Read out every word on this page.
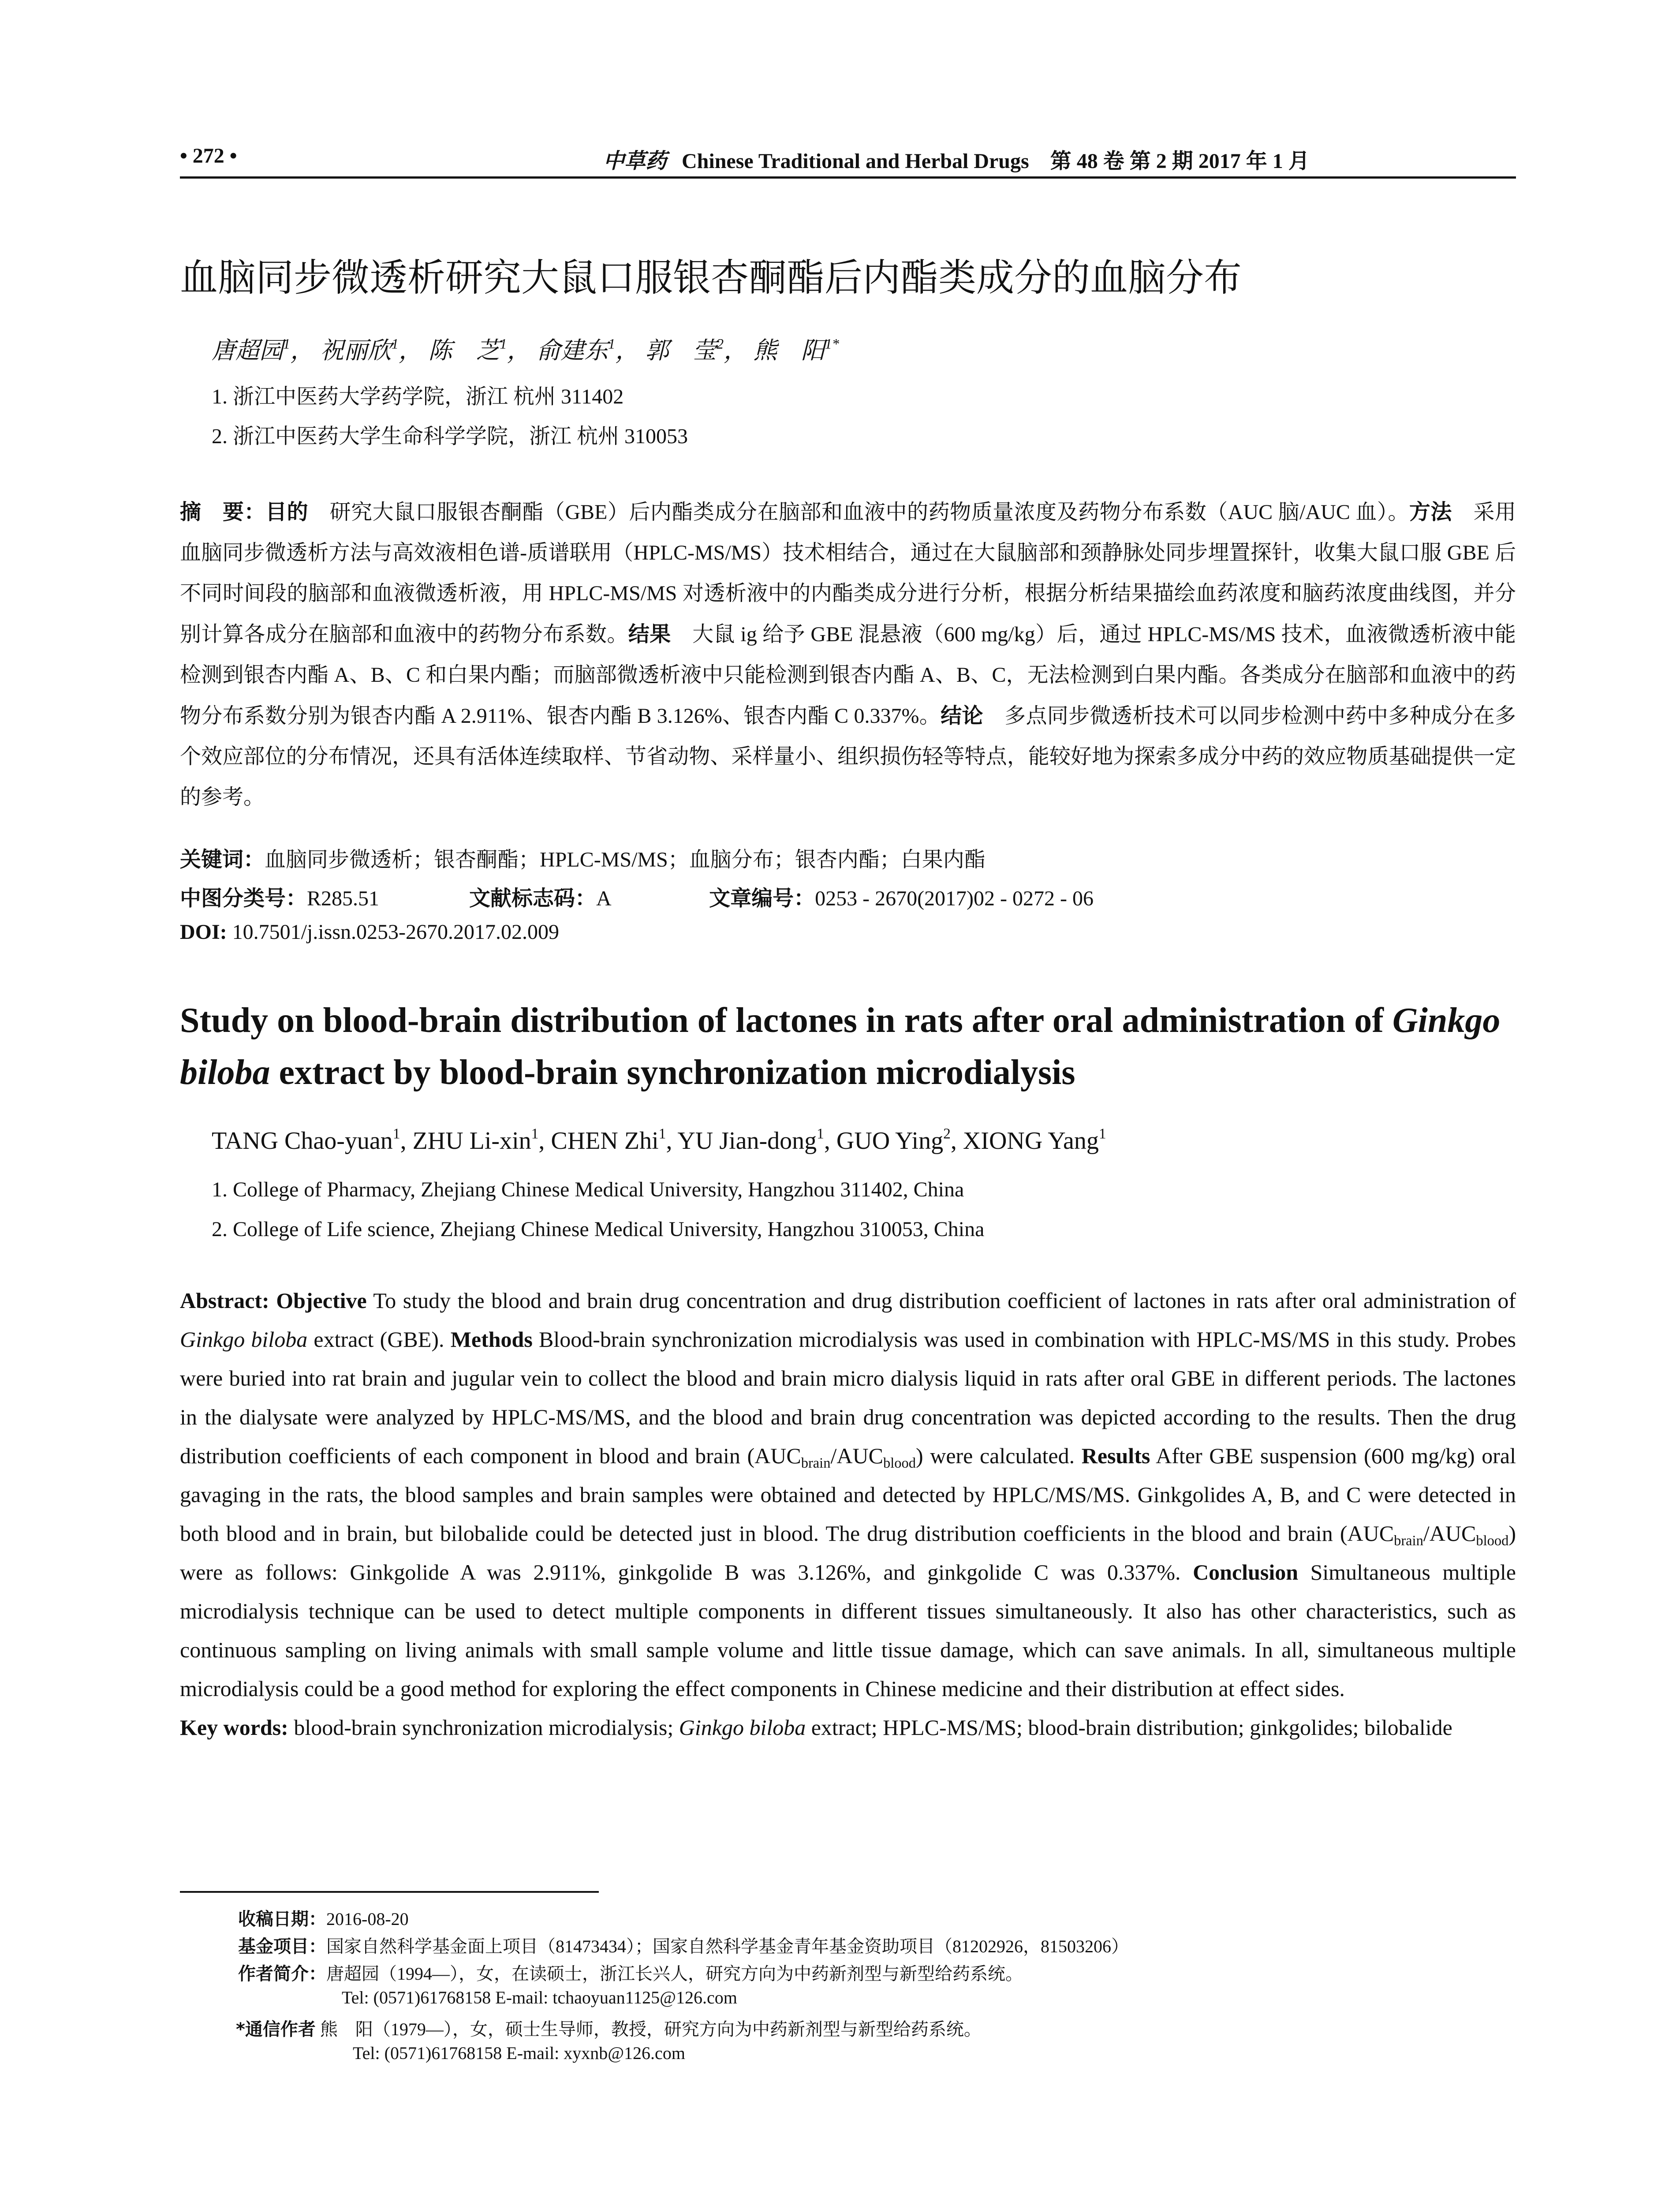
• 272 •	中草药 Chinese Traditional and Herbal Drugs 第 48 卷 第 2 期 2017 年 1 月
血脑同步微透析研究大鼠口服银杏酮酯后内酯类成分的血脑分布
唐超园$^1$， 祝丽欣$^1$， 陈　芝$^1$， 俞建东$^1$， 郭　莹$^2$， 熊　阳$^{1*}$
1. 浙江中医药大学药学院，浙江 杭州 311402
2. 浙江中医药大学生命科学学院，浙江 杭州 310053
摘　要：目的　研究大鼠口服银杏酮酯（GBE）后内酯类成分在脑部和血液中的药物质量浓度及药物分布系数（AUC 脑/AUC 血）。方法　采用血脑同步微透析方法与高效液相色谱-质谱联用（HPLC-MS/MS）技术相结合，通过在大鼠脑部和颈静脉处同步埋置探针，收集大鼠口服 GBE 后不同时间段的脑部和血液微透析液，用 HPLC-MS/MS 对透析液中的内酯类成分进行分析，根据分析结果描绘血药浓度和脑药浓度曲线图，并分别计算各成分在脑部和血液中的药物分布系数。结果　大鼠 ig 给予 GBE 混悬液（600 mg/kg）后，通过 HPLC-MS/MS 技术，血液微透析液中能检测到银杏内酯 A、B、C 和白果内酯；而脑部微透析液中只能检测到银杏内酯 A、B、C，无法检测到白果内酯。各类成分在脑部和血液中的药物分布系数分别为银杏内酯 A 2.911%、银杏内酯 B 3.126%、银杏内酯 C 0.337%。结论　多点同步微透析技术可以同步检测中药中多种成分在多个效应部位的分布情况，还具有活体连续取样、节省动物、采样量小、组织损伤轻等特点，能较好地为探索多成分中药的效应物质基础提供一定的参考。
关键词：血脑同步微透析；银杏酮酯；HPLC-MS/MS；血脑分布；银杏内酯；白果内酯
中图分类号：R285.51	文献标志码：A	文章编号：0253 - 2670(2017)02 - 0272 - 06
DOI: 10.7501/j.issn.0253-2670.2017.02.009
Study on blood-brain distribution of lactones in rats after oral administration of Ginkgo biloba extract by blood-brain synchronization microdialysis
TANG Chao-yuan$^1$, ZHU Li-xin$^1$, CHEN Zhi$^1$, YU Jian-dong$^1$, GUO Ying$^2$, XIONG Yang$^1$
1. College of Pharmacy, Zhejiang Chinese Medical University, Hangzhou 311402, China
2. College of Life science, Zhejiang Chinese Medical University, Hangzhou 310053, China
Abstract: Objective To study the blood and brain drug concentration and drug distribution coefficient of lactones in rats after oral administration of Ginkgo biloba extract (GBE). Methods Blood-brain synchronization microdialysis was used in combination with HPLC-MS/MS in this study. Probes were buried into rat brain and jugular vein to collect the blood and brain micro dialysis liquid in rats after oral GBE in different periods. The lactones in the dialysate were analyzed by HPLC-MS/MS, and the blood and brain drug concentration was depicted according to the results. Then the drug distribution coefficients of each component in blood and brain $(AUC_{brain}/AUC_{blood})$ were calculated. Results After GBE suspension (600 mg/kg) oral gavaging in the rats, the blood samples and brain samples were obtained and detected by HPLC/MS/MS. Ginkgolides A, B, and C were detected in both blood and in brain, but bilobalide could be detected just in blood. The drug distribution coefficients in the blood and brain $(AUC_{brain}/AUC_{blood})$ were as follows: Ginkgolide A was 2.911%, ginkgolide B was 3.126%, and ginkgolide C was 0.337%. Conclusion Simultaneous multiple microdialysis technique can be used to detect multiple components in different tissues simultaneously. It also has other characteristics, such as continuous sampling on living animals with small sample volume and little tissue damage, which can save animals. In all, simultaneous multiple microdialysis could be a good method for exploring the effect components in Chinese medicine and their distribution at effect sides.
Key words: blood-brain synchronization microdialysis; Ginkgo biloba extract; HPLC-MS/MS; blood-brain distribution; ginkgolides; bilobalide
收稿日期：2016-08-20
基金项目：国家自然科学基金面上项目（81473434）；国家自然科学基金青年基金资助项目（81202926，81503206）
作者简介：唐超园（1994—），女，在读硕士，浙江长兴人，研究方向为中药新剂型与新型给药系统。
Tel: (0571)61768158 E-mail: tchaoyuan1125@126.com
*通信作者 熊　阳（1979—），女，硕士生导师，教授，研究方向为中药新剂型与新型给药系统。
Tel: (0571)61768158 E-mail: xyxnb@126.com
